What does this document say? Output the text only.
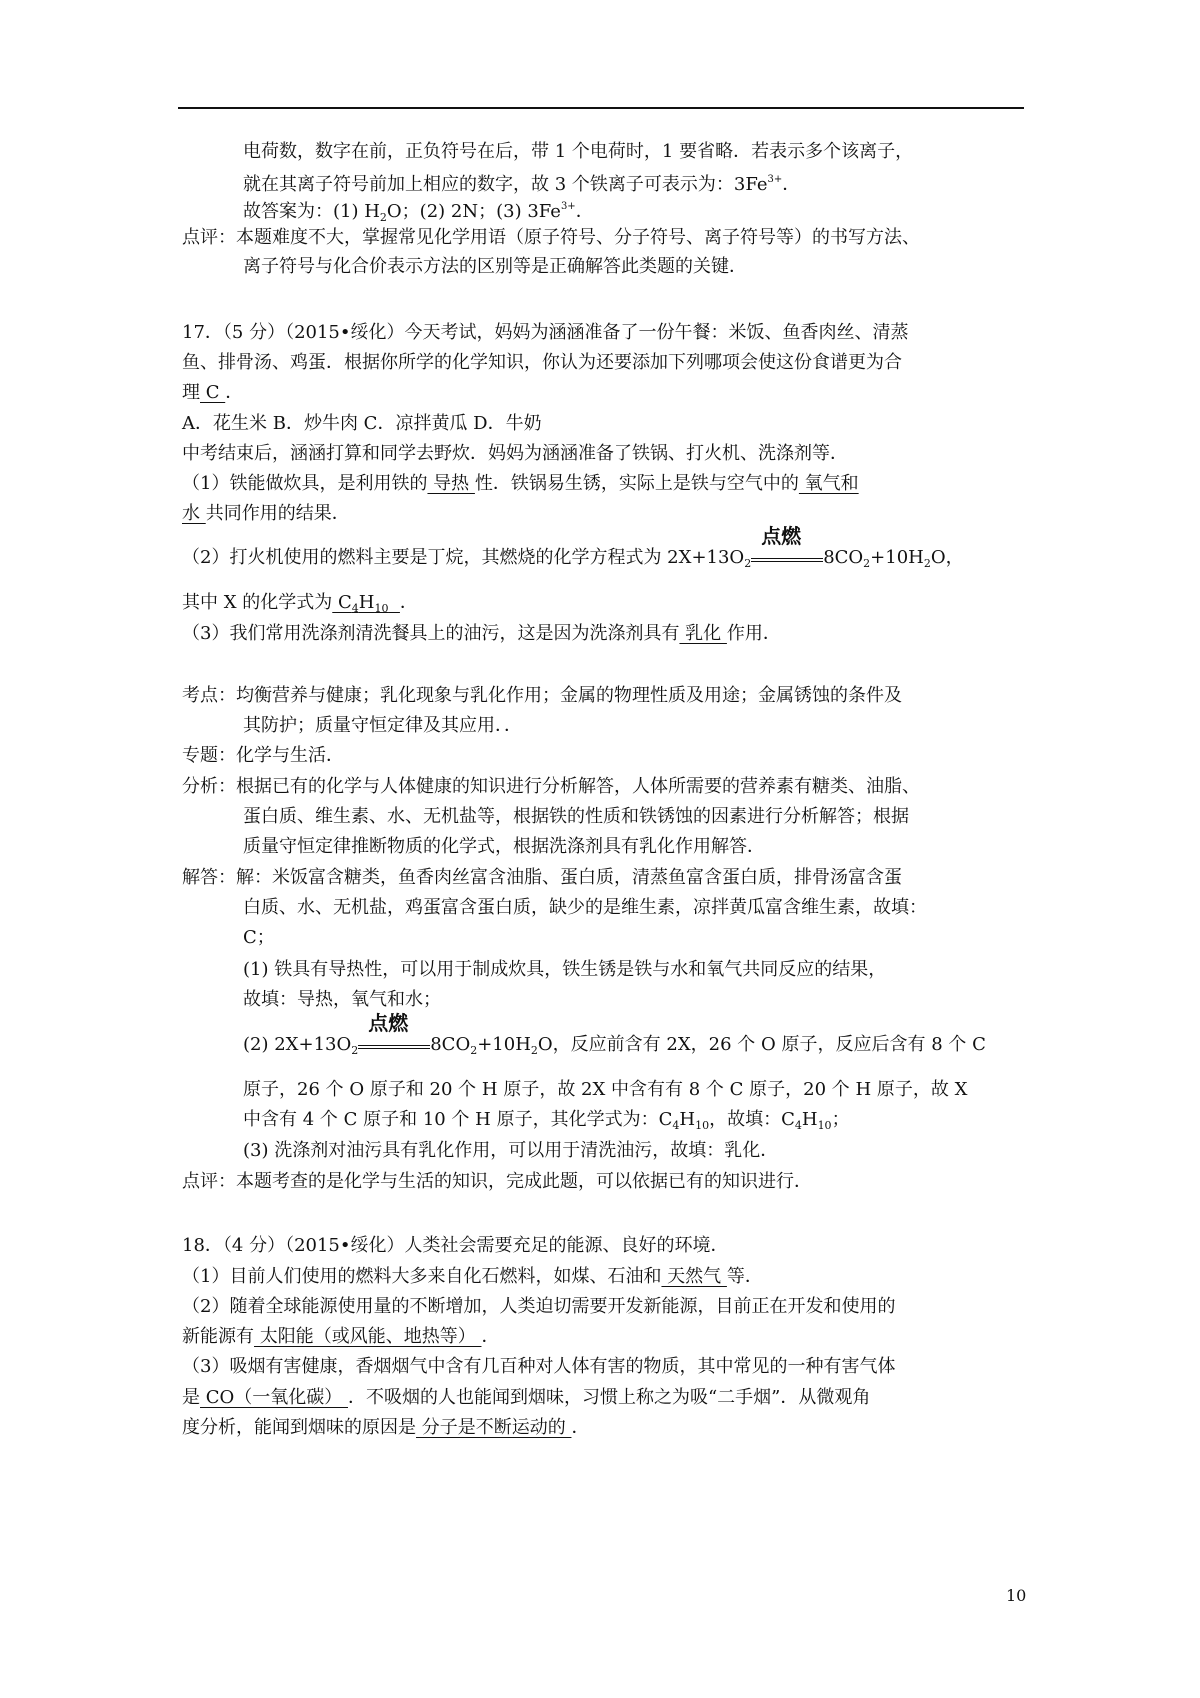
电荷数，数字在前，正负符号在后，带 1 个电荷时，1 要省略．若表示多个该离子，
就在其离子符号前加上相应的数字，故 3 个铁离子可表示为：$3Fe^{3+}$．
故答案为：(1) $H_2O$；(2) 2N；(3) $3Fe^{3+}$．
点评：本题难度不大，掌握常见化学用语（原子符号、分子符号、离子符号等）的书写方法、
离子符号与化合价表示方法的区别等是正确解答此类题的关键．
17．（5 分）（2015•绥化）今天考试，妈妈为涵涵准备了一份午餐：米饭、鱼香肉丝、清蒸
鱼、排骨汤、鸡蛋．根据你所学的化学知识，你认为还要添加下列哪项会使这份食谱更为合
理 C ．
A．花生米 B．炒牛肉 C．凉拌黄瓜 D．牛奶
中考结束后，涵涵打算和同学去野炊．妈妈为涵涵准备了铁锅、打火机、洗涤剂等．
（1）铁能做炊具，是利用铁的 导热 性．铁锅易生锈，实际上是铁与空气中的 氧气和
水 共同作用的结果．
（2）打火机使用的燃料主要是丁烷，其燃烧的化学方程式为 $2X+13O_2$
点燃
$8CO_2+10H_2O$，
其中 X 的化学式为 $C_4H_{10}$ ．
（3）我们常用洗涤剂清洗餐具上的油污，这是因为洗涤剂具有 乳化 作用．
考点：均衡营养与健康；乳化现象与乳化作用；金属的物理性质及用途；金属锈蚀的条件及
其防护；质量守恒定律及其应用．．
专题：化学与生活．
分析：根据已有的化学与人体健康的知识进行分析解答，人体所需要的营养素有糖类、油脂、
蛋白质、维生素、水、无机盐等，根据铁的性质和铁锈蚀的因素进行分析解答；根据
质量守恒定律推断物质的化学式，根据洗涤剂具有乳化作用解答．
解答：解：米饭富含糖类，鱼香肉丝富含油脂、蛋白质，清蒸鱼富含蛋白质，排骨汤富含蛋
白质、水、无机盐，鸡蛋富含蛋白质，缺少的是维生素，凉拌黄瓜富含维生素，故填：
C；
(1) 铁具有导热性，可以用于制成炊具，铁生锈是铁与水和氧气共同反应的结果，
故填：导热，氧气和水；
(2) $2X+13O_2$
点燃
$8CO_2+10H_2O$，反应前含有 2X，26 个 O 原子，反应后含有 8 个 C
原子，26 个 O 原子和 20 个 H 原子，故 2X 中含有有 8 个 C 原子，20 个 H 原子，故 X
中含有 4 个 C 原子和 10 个 H 原子，其化学式为：$C_4H_{10}$，故填：$C_4H_{10}$；
(3) 洗涤剂对油污具有乳化作用，可以用于清洗油污，故填：乳化．
点评：本题考查的是化学与生活的知识，完成此题，可以依据已有的知识进行．
18．（4 分）（2015•绥化）人类社会需要充足的能源、良好的环境．
（1）目前人们使用的燃料大多来自化石燃料，如煤、石油和 天然气 等．
（2）随着全球能源使用量的不断增加，人类迫切需要开发新能源，目前正在开发和使用的
新能源有 太阳能（或风能、地热等） ．
（3）吸烟有害健康，香烟烟气中含有几百种对人体有害的物质，其中常见的一种有害气体
是 CO（一氧化碳） ．不吸烟的人也能闻到烟味，习惯上称之为吸“二手烟”．从微观角
度分析，能闻到烟味的原因是 分子是不断运动的 ．
10
